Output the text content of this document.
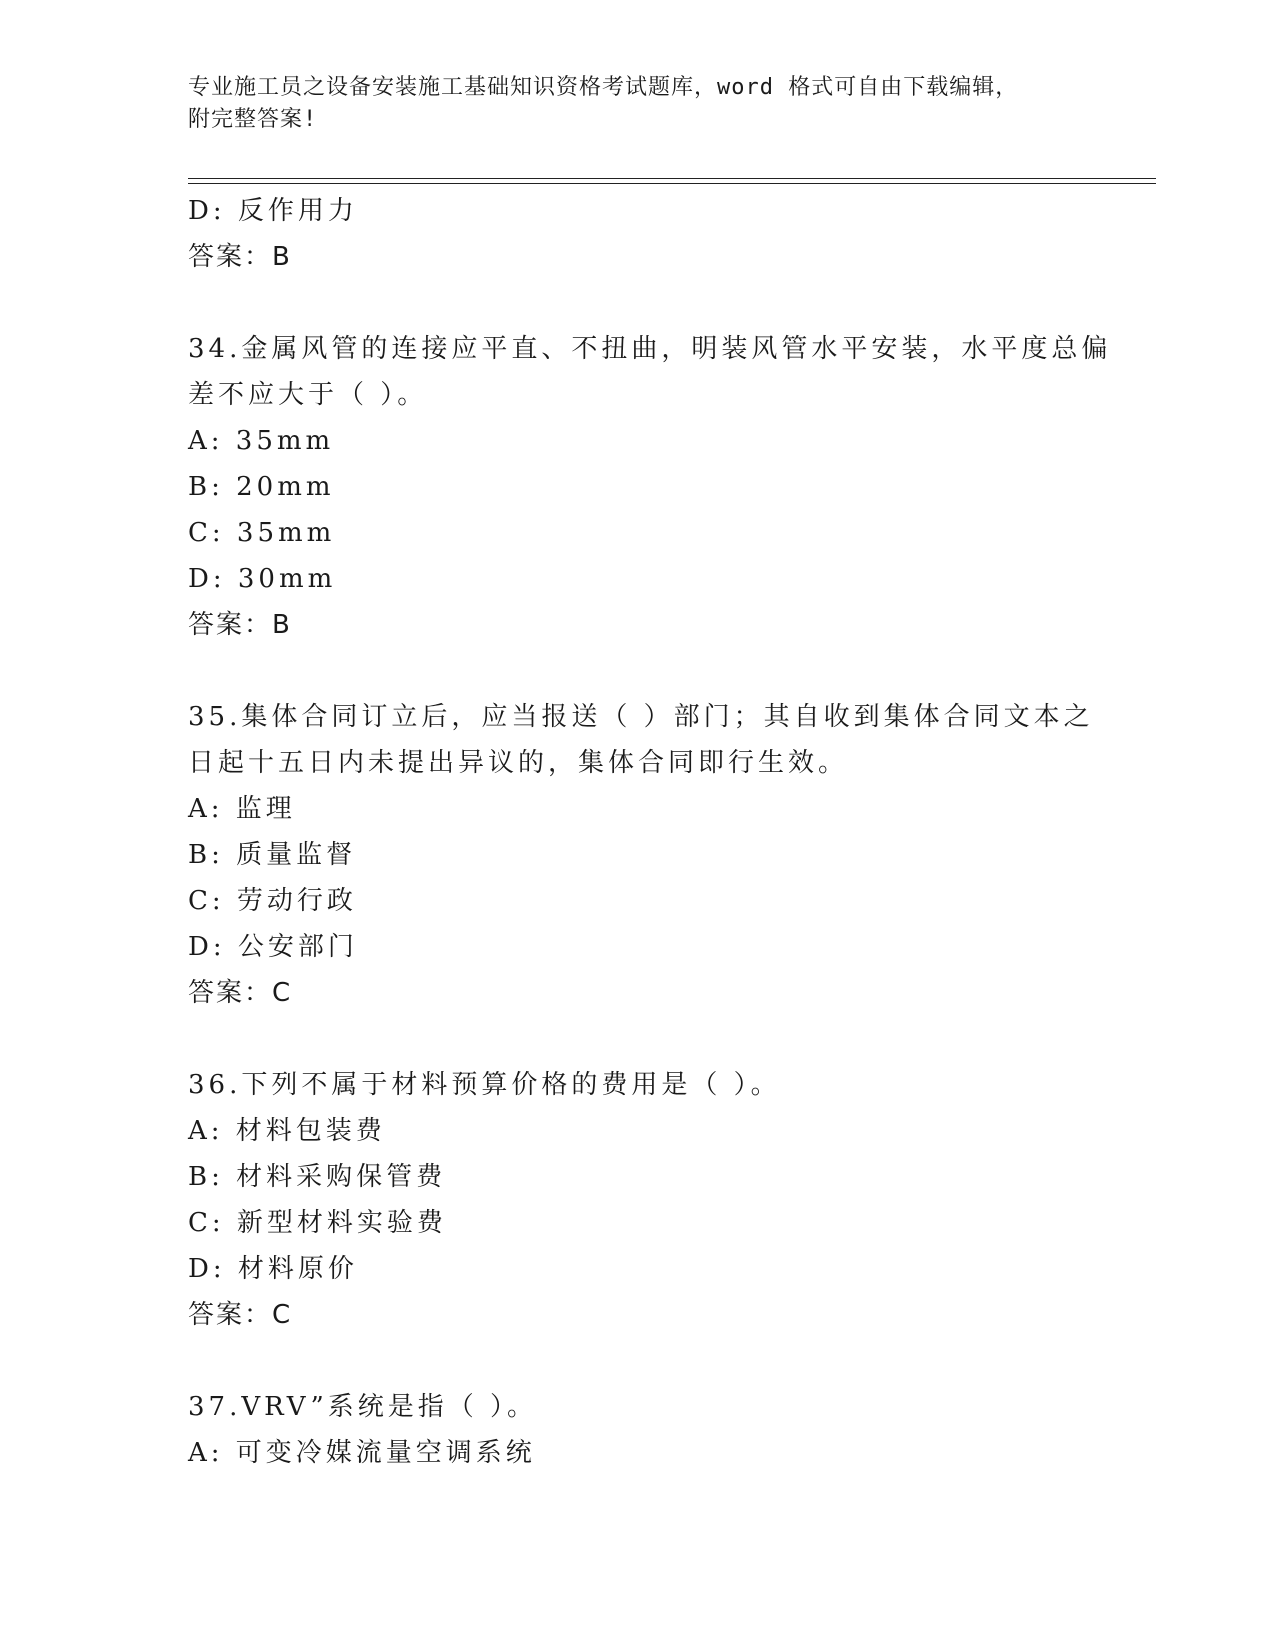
专业施工员之设备安装施工基础知识资格考试题库，word 格式可自由下载编辑，
附完整答案!
D: 反作用力
答案：B
34.金属风管的连接应平直、不扭曲，明装风管水平安装，水平度总偏
差不应大于（ ）。
A: 35mm
B: 20mm
C: 35mm
D: 30mm
答案：B
35.集体合同订立后，应当报送（ ）部门；其自收到集体合同文本之
日起十五日内未提出异议的，集体合同即行生效。
A: 监理
B: 质量监督
C: 劳动行政
D: 公安部门
答案：C
36.下列不属于材料预算价格的费用是（ ）。
A: 材料包装费
B: 材料采购保管费
C: 新型材料实验费
D: 材料原价
答案：C
37.VRV”系统是指（ ）。
A: 可变冷媒流量空调系统
